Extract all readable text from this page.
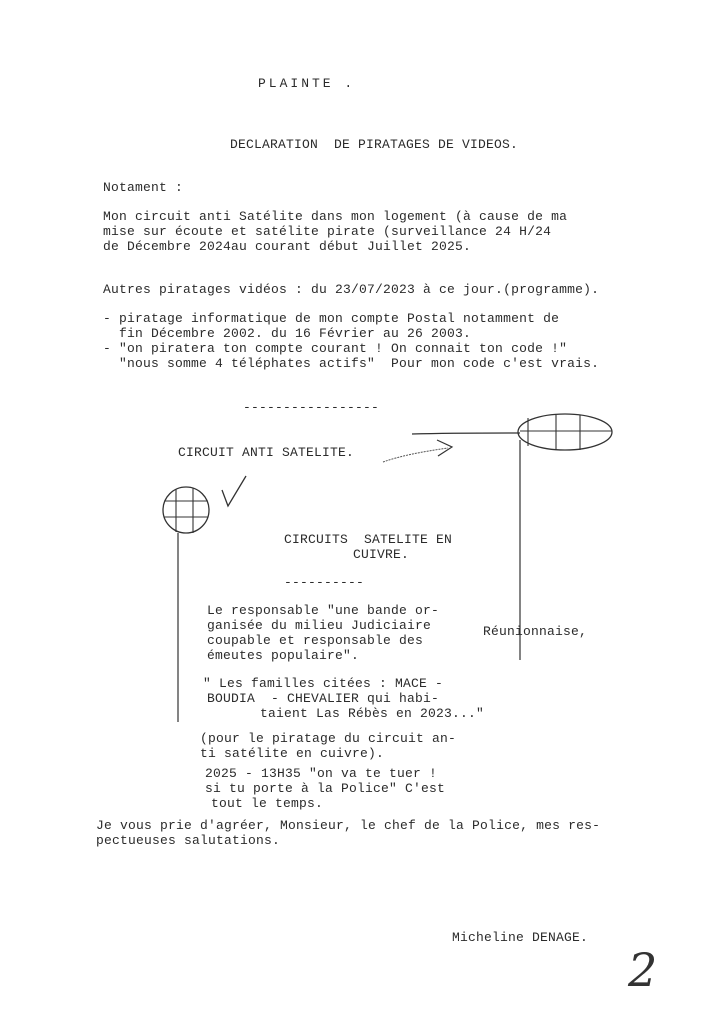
PLAINTE .
DECLARATION  DE PIRATAGES DE VIDEOS.
Notament :
Mon circuit anti Satélite dans mon logement (à cause de ma
mise sur écoute et satélite pirate (surveillance 24 H/24
de Décembre 2024au courant début Juillet 2025.
Autres piratages vidéos : du 23/07/2023 à ce jour.(programme).
- piratage informatique de mon compte Postal notamment de
fin Décembre 2002. du 16 Février au 26 2003.
- "on piratera ton compte courant ! On connait ton code !"
"nous somme 4 téléphates actifs"  Pour mon code c'est vrais.
-----------------
CIRCUIT ANTI SATELITE.
CIRCUITS  SATELITE EN
CUIVRE.
----------
Le responsable "une bande or-
ganisée du milieu Judiciaire
coupable et responsable des
émeutes populaire".
Réunionnaise,
" Les familles citées : MACE -
BOUDIA  - CHEVALIER qui habi-
taient Las Rébès en 2023..."
(pour le piratage du circuit an-
ti satélite en cuivre).
2025 - 13H35 "on va te tuer !
si tu porte à la Police" C'est
tout le temps.
Je vous prie d'agréer, Monsieur, le chef de la Police, mes res-
pectueuses salutations.
Micheline DENAGE.
2
